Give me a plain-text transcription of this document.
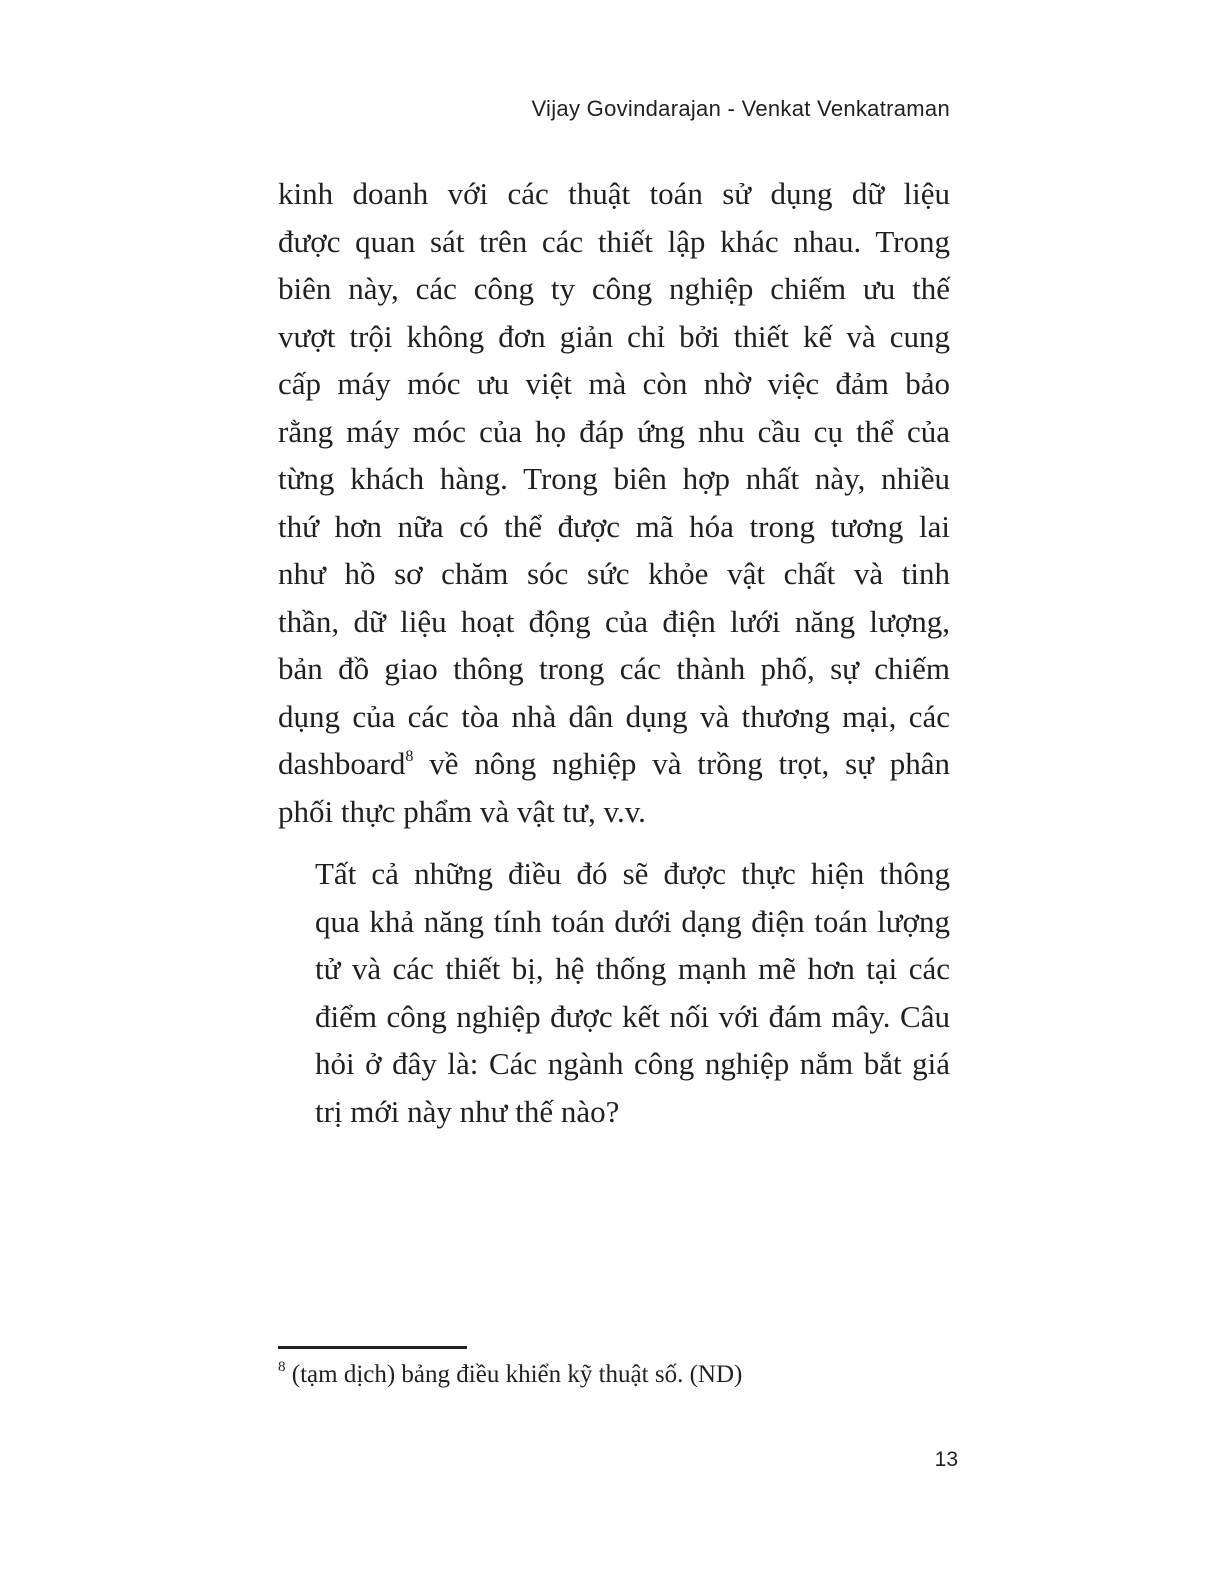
Vijay Govindarajan - Venkat Venkatraman

kinh doanh với các thuật toán sử dụng dữ liệu
được quan sát trên các thiết lập khác nhau. Trong
biên này, các công ty công nghiệp chiếm ưu thế
vượt trội không đơn giản chỉ bởi thiết kế và cung
cấp máy móc ưu việt mà còn nhờ việc đảm bảo
rằng máy móc của họ đáp ứng nhu cầu cụ thể của
từng khách hàng. Trong biên hợp nhất này, nhiều
thứ hơn nữa có thể được mã hóa trong tương lai
như hồ sơ chăm sóc sức khỏe vật chất và tinh
thần, dữ liệu hoạt động của điện lưới năng lượng,
bản đồ giao thông trong các thành phố, sự chiếm
dụng của các tòa nhà dân dụng và thương mại, các
dashboard$^8$ về nông nghiệp và trồng trọt, sự phân
phối thực phẩm và vật tư, v.v.

Tất cả những điều đó sẽ được thực hiện thông
qua khả năng tính toán dưới dạng điện toán lượng
tử và các thiết bị, hệ thống mạnh mẽ hơn tại các
điểm công nghiệp được kết nối với đám mây. Câu
hỏi ở đây là: Các ngành công nghiệp nắm bắt giá
trị mới này như thế nào?

$^8$ (tạm dịch) bảng điều khiển kỹ thuật số. (ND)
13
